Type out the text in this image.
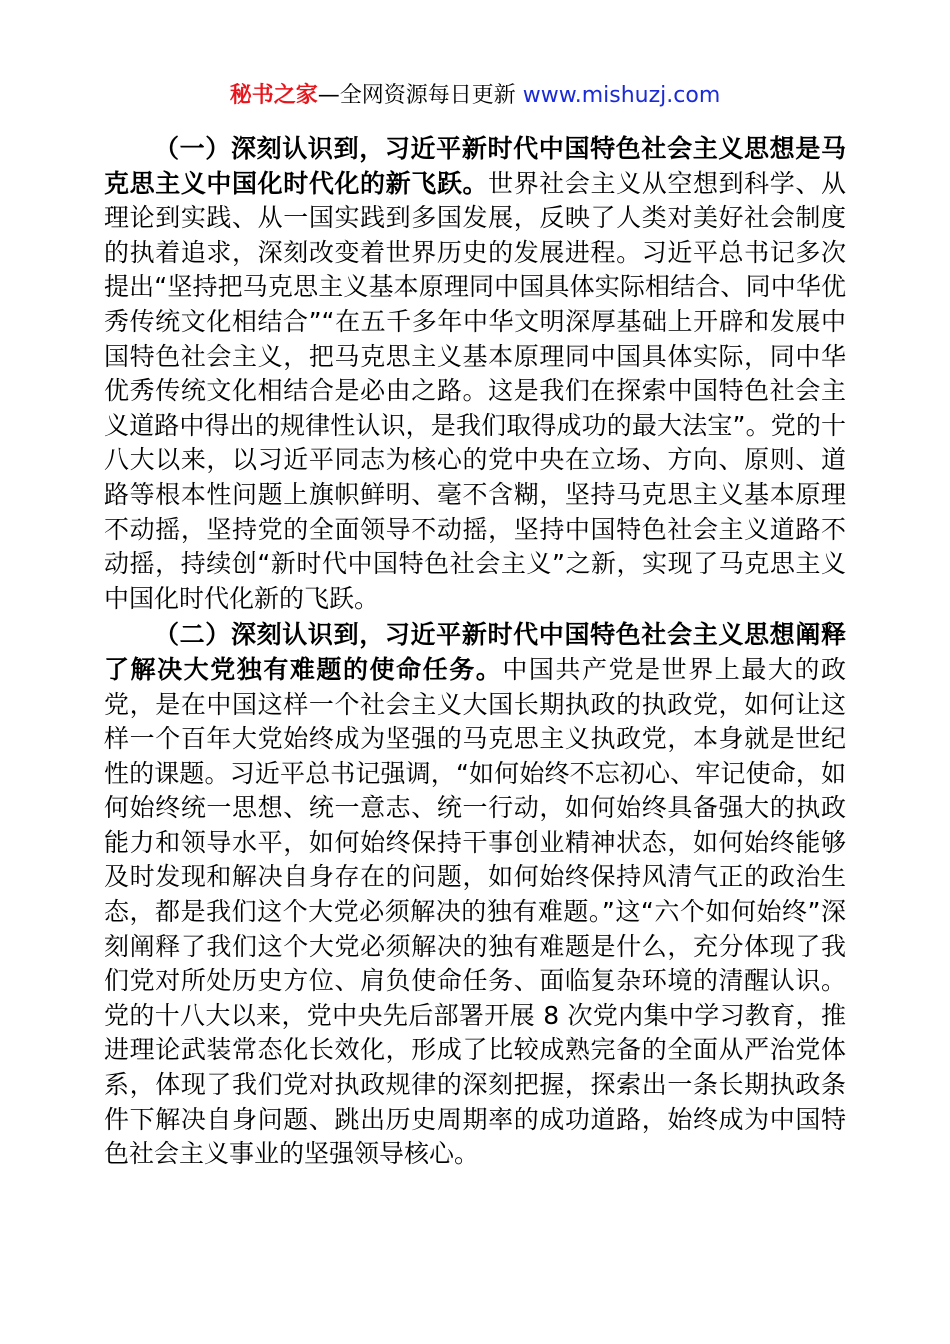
秘书之家—全网资源每日更新 www.mishuzj.com

（一）深刻认识到，习近平新时代中国特色社会主义思想是马克思主义中国化时代化的新飞跃。世界社会主义从空想到科学、从理论到实践、从一国实践到多国发展，反映了人类对美好社会制度的执着追求，深刻改变着世界历史的发展进程。习近平总书记多次提出“坚持把马克思主义基本原理同中国具体实际相结合、同中华优秀传统文化相结合”“在五千多年中华文明深厚基础上开辟和发展中国特色社会主义，把马克思主义基本原理同中国具体实际，同中华优秀传统文化相结合是必由之路。这是我们在探索中国特色社会主义道路中得出的规律性认识，是我们取得成功的最大法宝”。党的十八大以来，以习近平同志为核心的党中央在立场、方向、原则、道路等根本性问题上旗帜鲜明、毫不含糊，坚持马克思主义基本原理不动摇，坚持党的全面领导不动摇，坚持中国特色社会主义道路不动摇，持续创“新时代中国特色社会主义”之新，实现了马克思主义中国化时代化新的飞跃。

（二）深刻认识到，习近平新时代中国特色社会主义思想阐释了解决大党独有难题的使命任务。中国共产党是世界上最大的政党，是在中国这样一个社会主义大国长期执政的执政党，如何让这样一个百年大党始终成为坚强的马克思主义执政党，本身就是世纪性的课题。习近平总书记强调，“如何始终不忘初心、牢记使命，如何始终统一思想、统一意志、统一行动，如何始终具备强大的执政能力和领导水平，如何始终保持干事创业精神状态，如何始终能够及时发现和解决自身存在的问题，如何始终保持风清气正的政治生态，都是我们这个大党必须解决的独有难题。”这“六个如何始终”深刻阐释了我们这个大党必须解决的独有难题是什么，充分体现了我们党对所处历史方位、肩负使命任务、面临复杂环境的清醒认识。党的十八大以来，党中央先后部署开展 8 次党内集中学习教育，推进理论武装常态化长效化，形成了比较成熟完备的全面从严治党体系，体现了我们党对执政规律的深刻把握，探索出一条长期执政条件下解决自身问题、跳出历史周期率的成功道路，始终成为中国特色社会主义事业的坚强领导核心。
